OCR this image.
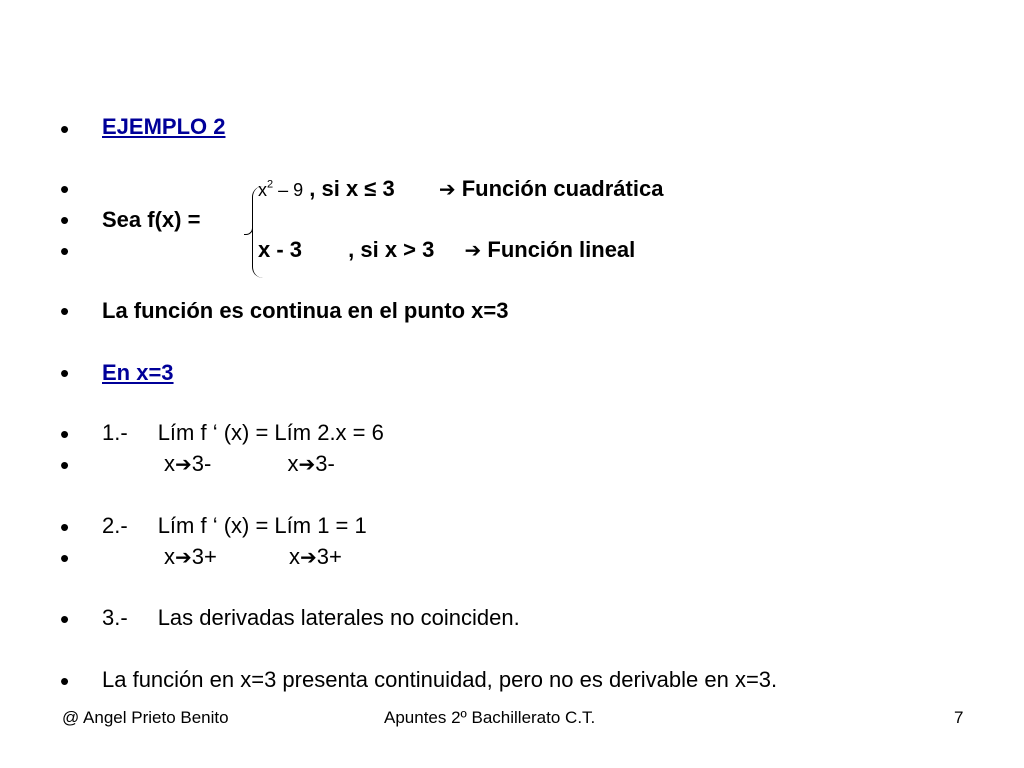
• EJEMPLO 2
•	$x^2 - 9$ , si x ≤ 3 ➔ Función cuadrática
• Sea f(x) =
•	x - 3 , si x > 3 ➔ Función lineal
• La función es continua en el punto x=3
• En x=3
• 1.- Lím f ‘ (x) = Lím 2.x = 6
•	x➔3-	x➔3-
• 2.- Lím f ‘ (x) = Lím 1 = 1
•	x➔3+	x➔3+
• 3.- Las derivadas laterales no coinciden.
• La función en x=3 presenta continuidad, pero no es derivable en x=3.
@ Angel Prieto Benito	Apuntes 2º Bachillerato C.T.	7
